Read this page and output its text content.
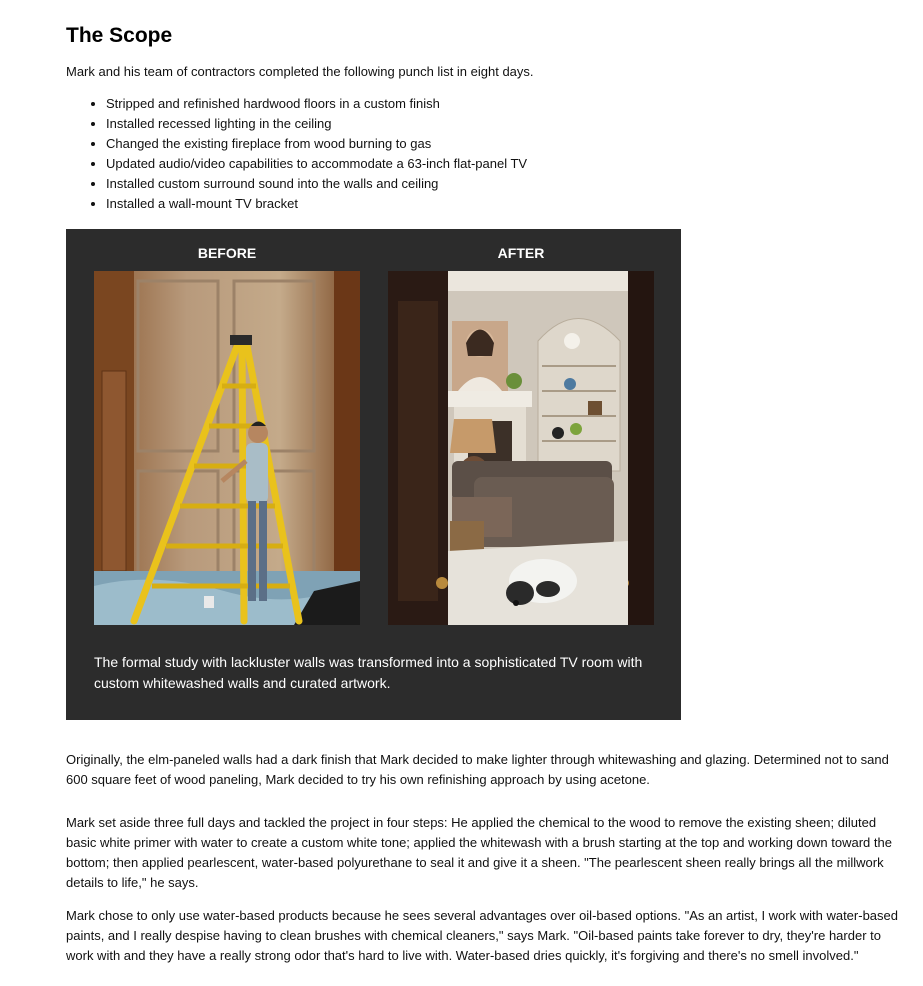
The Scope

Mark and his team of contractors completed the following punch list in eight days.

• Stripped and refinished hardwood floors in a custom finish
• Installed recessed lighting in the ceiling
• Changed the existing fireplace from wood burning to gas
• Updated audio/video capabilities to accommodate a 63-inch flat-panel TV
• Installed custom surround sound into the walls and ceiling
• Installed a wall-mount TV bracket
BEFORE	AFTER
The formal study with lackluster walls was transformed into a sophisticated TV room with custom whitewashed walls and curated artwork.

Originally, the elm-paneled walls had a dark finish that Mark decided to make lighter through whitewashing and glazing. Determined not to sand 600 square feet of wood paneling, Mark decided to try his own refinishing approach by using acetone.

Mark set aside three full days and tackled the project in four steps: He applied the chemical to the wood to remove the existing sheen; diluted basic white primer with water to create a custom white tone; applied the whitewash with a brush starting at the top and working down toward the bottom; then applied pearlescent, water-based polyurethane to seal it and give it a sheen. "The pearlescent sheen really brings all the millwork details to life," he says.

Mark chose to only use water-based products because he sees several advantages over oil-based options. "As an artist, I work with water-based paints, and I really despise having to clean brushes with chemical cleaners," says Mark. "Oil-based paints take forever to dry, they're harder to work with and they have a really strong odor that's hard to live with. Water-based dries quickly, it's forgiving and there's no smell involved."
